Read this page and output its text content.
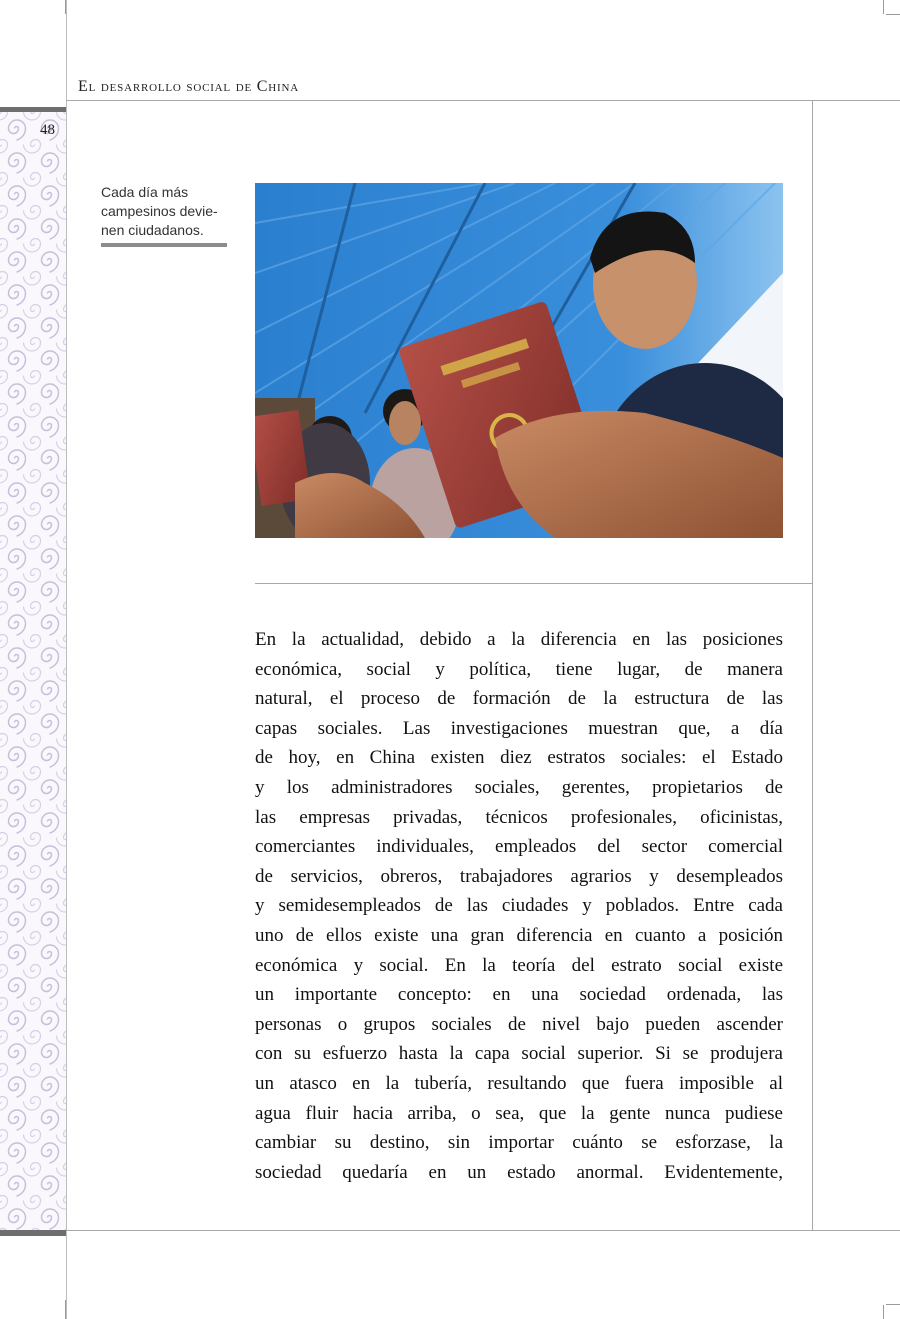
El desarrollo social de China
48
Cada día más
campesinos devie-
nen ciudadanos.
En la actualidad, debido a la diferencia en las posiciones
económica, social y política, tiene lugar, de manera
natural, el proceso de formación de la estructura de las
capas sociales. Las investigaciones muestran que, a día
de hoy, en China existen diez estratos sociales: el Estado
y los administradores sociales, gerentes, propietarios de
las empresas privadas, técnicos profesionales, oficinistas,
comerciantes individuales, empleados del sector comercial
de servicios, obreros, trabajadores agrarios y desempleados
y semidesempleados de las ciudades y poblados. Entre cada
uno de ellos existe una gran diferencia en cuanto a posición
económica y social. En la teoría del estrato social existe
un importante concepto: en una sociedad ordenada, las
personas o grupos sociales de nivel bajo pueden ascender
con su esfuerzo hasta la capa social superior. Si se produjera
un atasco en la tubería, resultando que fuera imposible al
agua fluir hacia arriba, o sea, que la gente nunca pudiese
cambiar su destino, sin importar cuánto se esforzase, la
sociedad quedaría en un estado anormal. Evidentemente,
